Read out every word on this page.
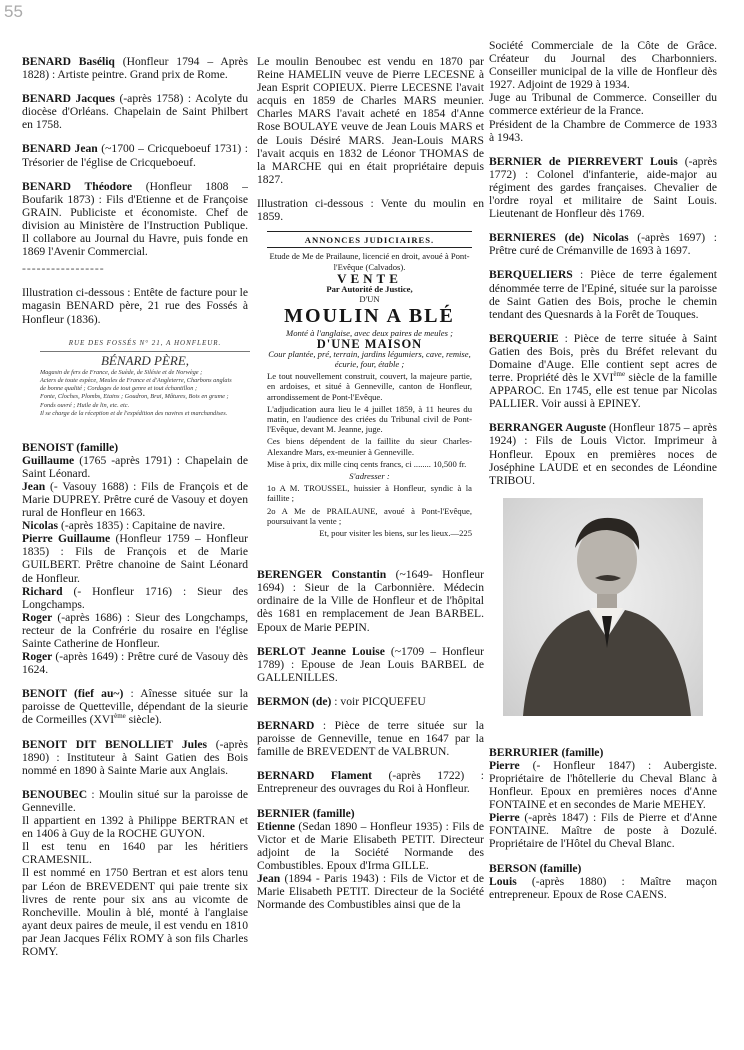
55
BENARD Baséliq (Honfleur 1794 – Après 1828) : Artiste peintre. Grand prix de Rome.
BENARD Jacques (-après 1758) : Acolyte du diocèse d'Orléans. Chapelain de Saint Philbert en 1758.
BENARD Jean (~1700 – Cricqueboeuf 1731) : Trésorier de l'église de Cricqueboeuf.
BENARD Théodore (Honfleur 1808 – Boufarik 1873) : Fils d'Etienne et de Françoise GRAIN. Publiciste et économiste. Chef de division au Ministère de l'Instruction Publique. Il collabore au Journal du Havre, puis fonde en 1869 l'Avenir Commercial.
-----------------
Illustration ci-dessous : Entête de facture pour le magasin BENARD père, 21 rue des Fossés à Honfleur (1836).
RUE DES FOSSÉS N° 21, A HONFLEUR.
BÉNARD PÈRE,
Magasin de fers de France, de Suède, de Silésie et de Norwège ;
Aciers de toute espèce, Meules de France et d'Angleterre, Charbons anglais
de bonne qualité ; Cordages de tout genre et tout échantillon ;
Fonte, Cloches, Plombs, Etains ; Goudron, Brai, Mâtures, Bois en grume ;
Fonds ouvré ; Huile de lin, etc. etc.
Il se charge de la réception et de l'expédition des navires et marchandises.
BENOIST (famille)
Guillaume (1765 -après 1791) : Chapelain de Saint Léonard.
Jean (- Vasouy 1688) : Fils de François et de Marie DUPREY. Prêtre curé de Vasouy et doyen rural de Honfleur en 1663.
Nicolas (-après 1835) : Capitaine de navire.
Pierre Guillaume (Honfleur 1759 – Honfleur 1835) : Fils de François et de Marie GUILBERT. Prêtre chanoine de Saint Léonard de Honfleur.
Richard (- Honfleur 1716) : Sieur des Longchamps.
Roger (-après 1686) : Sieur des Longchamps, recteur de la Confrérie du rosaire en l'église Sainte Catherine de Honfleur.
Roger (-après 1649) : Prêtre curé de Vasouy dès 1624.
BENOIT (fief au~) : Aînesse située sur la paroisse de Quetteville, dépendant de la sieurie de Cormeilles (XVIème siècle).
BENOIT DIT BENOLLIET Jules (-après 1890) : Instituteur à Saint Gatien des Bois nommé en 1890 à Sainte Marie aux Anglais.
BENOUBEC : Moulin situé sur la paroisse de Genneville.
Il appartient en 1392 à Philippe BERTRAN et en 1406 à Guy de la ROCHE GUYON.
Il est tenu en 1640 par les héritiers CRAMESNIL.
Il est nommé en 1750 Bertran et est alors tenu par Léon de BREVEDENT qui paie trente six livres de rente pour six ans au vicomte de Roncheville. Moulin à blé, monté à l'anglaise ayant deux paires de meule, il est vendu en 1810 par Jean Jacques Félix ROMY à son fils Charles ROMY.
Le moulin Benoubec est vendu en 1870 par Reine HAMELIN veuve de Pierre LECESNE à Jean Esprit COPIEUX. Pierre LECESNE l'avait acquis en 1859 de Charles MARS meunier. Charles MARS l'avait acheté en 1854 d'Anne Rose BOULAYE veuve de Jean Louis MARS et de Louis Désiré MARS. Jean-Louis MARS l'avait acquis en 1832 de Léonor THOMAS de la MARCHE qui en était propriétaire depuis 1827.
Illustration ci-dessous : Vente du moulin en 1859.
ANNONCES JUDICIAIRES.
Etude de Me de Prailaune, licencié en droit, avoué à Pont-l'Evêque (Calvados).
VENTE
Par Autorité de Justice,
D'UN
MOULIN A BLÉ
Monté à l'anglaise, avec deux paires de meules ;
D'UNE MAISON
Cour plantée, pré, terrain, jardins légumiers, cave, remise, écurie, four, étable ;
Le tout nouvellement construit, couvert, la majeure partie, en ardoises, et situé à Genneville, canton de Honfleur, arrondissement de Pont-l'Evêque.
L'adjudication aura lieu le 4 juillet 1859, à 11 heures du matin, en l'audience des criées du Tribunal civil de Pont-l'Evêque, devant M. Jeanne, juge.
Ces biens dépendent de la faillite du sieur Charles-Alexandre Mars, ex-meunier à Genneville.
Mise à prix, dix mille cinq cents francs, ci ........ 10,500 fr.
S'adresser :
1o A M. TROUSSEL, huissier à Honfleur, syndic à la faillite ;
2o A Me de PRAILAUNE, avoué à Pont-l'Evêque, poursuivant la vente ;
Et, pour visiter les biens, sur les lieux.—225
BERENGER Constantin (~1649- Honfleur 1694) : Sieur de la Carbonnière. Médecin ordinaire de la Ville de Honfleur et de l'hôpital dès 1681 en remplacement de Jean BARBEL. Epoux de Marie PEPIN.
BERLOT Jeanne Louise (~1709 – Honfleur 1789) : Epouse de Jean Louis BARBEL de GALLENILLES.
BERMON (de) : voir PICQUEFEU
BERNARD : Pièce de terre située sur la paroisse de Genneville, tenue en 1647 par la famille de BREVEDENT de VALBRUN.
BERNARD Flament (-après 1722) : Entrepreneur des ouvrages du Roi à Honfleur.
BERNIER (famille)
Etienne (Sedan 1890 – Honfleur 1935) : Fils de Victor et de Marie Elisabeth PETIT. Directeur adjoint de la Société Normande des Combustibles. Epoux d'Irma GILLE.
Jean (1894 - Paris 1943) : Fils de Victor et de Marie Elisabeth PETIT. Directeur de la Société Normande des Combustibles ainsi que de la
Société Commerciale de la Côte de Grâce. Créateur du Journal des Charbonniers. Conseiller municipal de la ville de Honfleur dès 1927. Adjoint de 1929 à 1934.
Juge au Tribunal de Commerce. Conseiller du commerce extérieur de la France.
Président de la Chambre de Commerce de 1933 à 1943.
BERNIER de PIERREVERT Louis (-après 1772) : Colonel d'infanterie, aide-major au régiment des gardes françaises. Chevalier de l'ordre royal et militaire de Saint Louis. Lieutenant de Honfleur dès 1769.
BERNIERES (de) Nicolas (-après 1697) : Prêtre curé de Crémanville de 1693 à 1697.
BERQUELIERS : Pièce de terre également dénommée terre de l'Epiné, située sur la paroisse de Saint Gatien des Bois, proche le chemin tendant des Quesnards à la Forêt de Touques.
BERQUERIE : Pièce de terre située à Saint Gatien des Bois, près du Bréfet relevant du Domaine d'Auge. Elle contient sept acres de terre. Propriété dès le XVIème siècle de la famille APPAROC. En 1745, elle est tenue par Nicolas PALLIER. Voir aussi à EPINEY.
BERRANGER Auguste (Honfleur 1875 – après 1924) : Fils de Louis Victor. Imprimeur à Honfleur. Epoux en premières noces de Joséphine LAUDE et en secondes de Léondine TRIBOU.
BERRURIER (famille)
Pierre (- Honfleur 1847) : Aubergiste. Propriétaire de l'hôtellerie du Cheval Blanc à Honfleur. Epoux en premières noces d'Anne FONTAINE et en secondes de Marie MEHEY.
Pierre (-après 1847) : Fils de Pierre et d'Anne FONTAINE. Maître de poste à Dozulé. Propriétaire de l'Hôtel du Cheval Blanc.
BERSON (famille)
Louis (-après 1880) : Maître maçon entrepreneur. Epoux de Rose CAENS.
